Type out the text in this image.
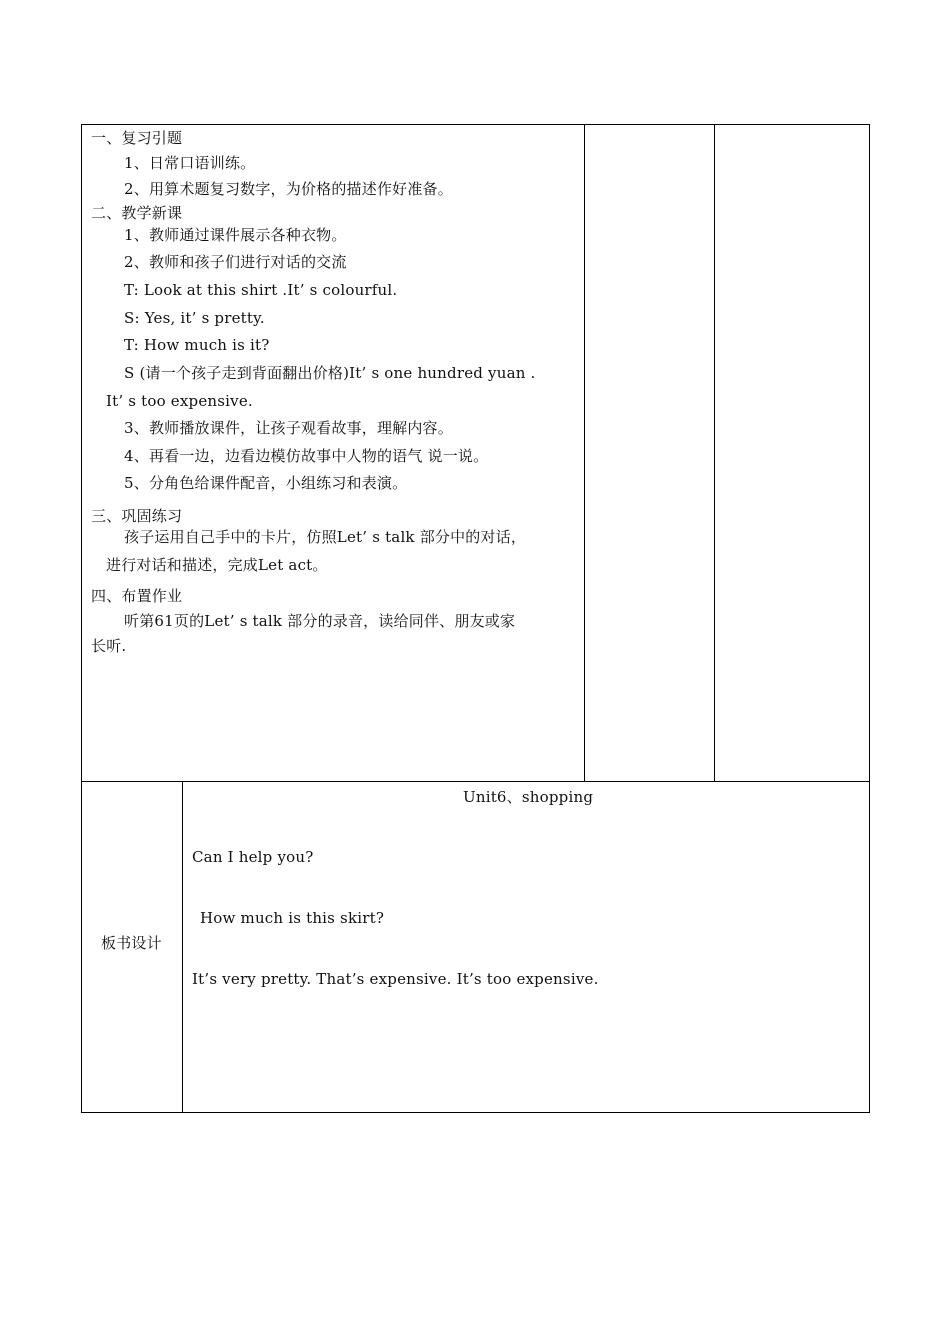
一、复习引题
1、日常口语训练。
2、用算术题复习数字，为价格的描述作好准备。
二、教学新课
1、教师通过课件展示各种衣物。
2、教师和孩子们进行对话的交流
T: Look at this shirt .It’ s colourful.
S: Yes, it’ s pretty.
T: How much is it?
S (请一个孩子走到背面翻出价格)It’ s one hundred yuan .
It’ s too expensive.
3、教师播放课件，让孩子观看故事，理解内容。
4、再看一边，边看边模仿故事中人物的语气 说一说。
5、分角色给课件配音，小组练习和表演。
三、巩固练习
孩子运用自己手中的卡片，仿照Let’ s talk 部分中的对话，
进行对话和描述，完成Let act。
四、布置作业
听第61页的Let’ s talk 部分的录音，读给同伴、朋友或家
长听.
板书设计
Unit6、shopping
Can I help you?
How much is this skirt?
It’s very pretty. That’s expensive. It’s too expensive.
